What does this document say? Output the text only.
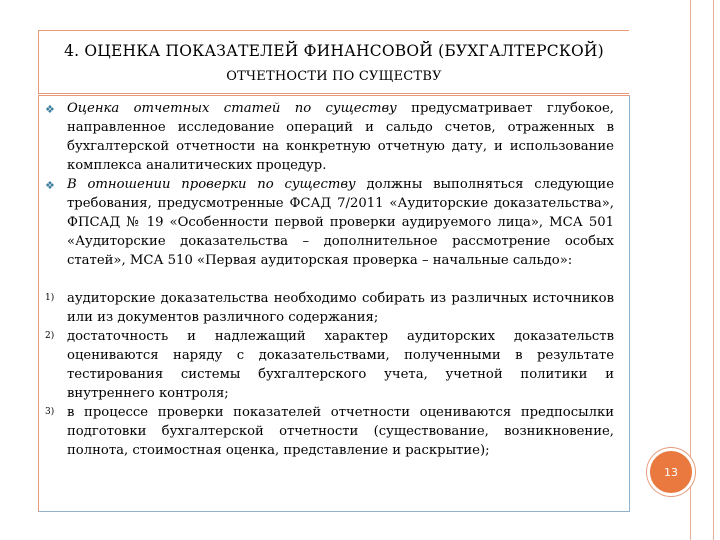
4. ОЦЕНКА ПОКАЗАТЕЛЕЙ ФИНАНСОВОЙ (БУХГАЛТЕРСКОЙ)
ОТЧЕТНОСТИ ПО СУЩЕСТВУ
❖ Оценка отчетных статей по существу предусматривает глубокое, направленное исследование операций и сальдо счетов, отраженных в бухгалтерской отчетности на конкретную отчетную дату, и использование комплекса аналитических процедур.
❖ В отношении проверки по существу должны выполняться следующие требования, предусмотренные ФСАД 7/2011 «Аудиторские доказательства», ФПСАД № 19 «Особенности первой проверки аудируемого лица», МСА 501 «Аудиторские доказательства – дополнительное рассмотрение особых статей», МСА 510 «Первая аудиторская проверка – начальные сальдо»:
1) аудиторские доказательства необходимо собирать из различных источников или из документов различного содержания;
2) достаточность и надлежащий характер аудиторских доказательств оцениваются наряду с доказательствами, полученными в результате тестирования системы бухгалтерского учета, учетной политики и внутреннего контроля;
3) в процессе проверки показателей отчетности оцениваются предпосылки подготовки бухгалтерской отчетности (существование, возникновение, полнота, стоимостная оценка, представление и раскрытие);
13
